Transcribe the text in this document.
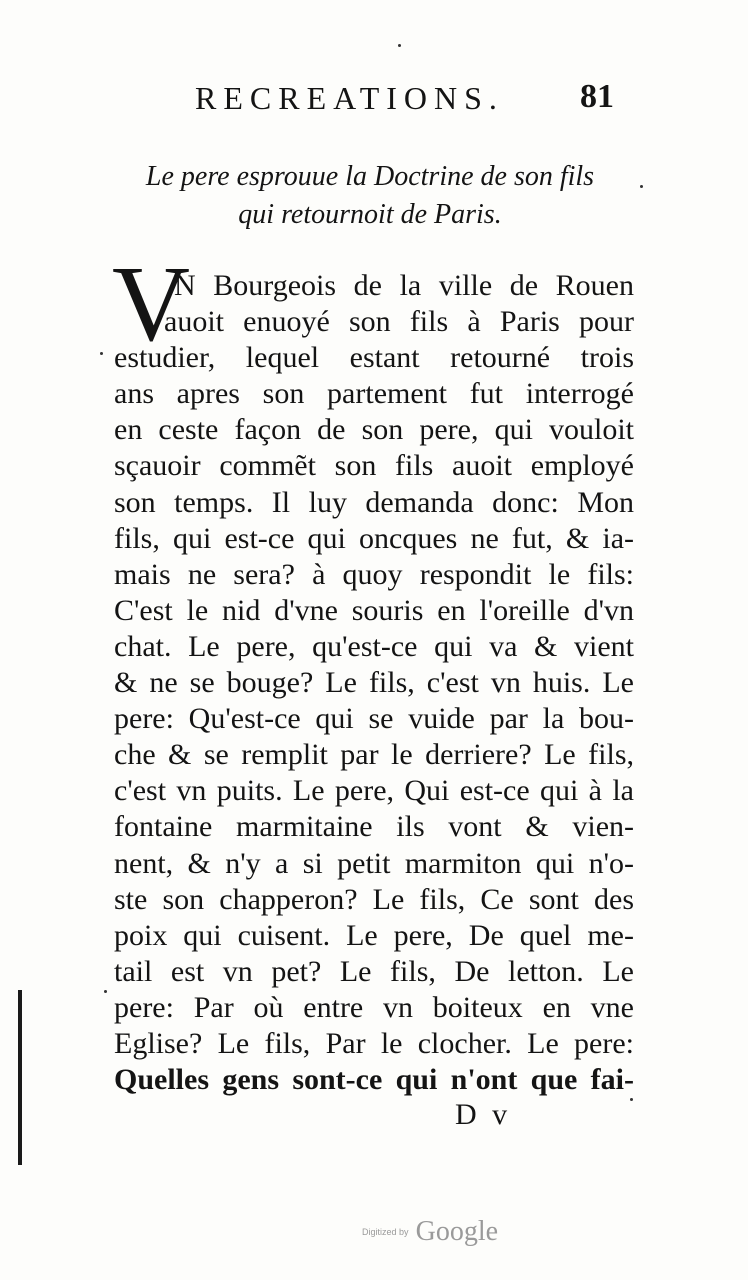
RECREATIONS. 81
Le pere esprouue la Doctrine de son fils
qui retournoit de Paris.
V
N Bourgeois de la ville de Rouen
auoit enuoyé son fils à Paris pour
estudier, lequel estant retourné trois
ans apres son partement fut interrogé
en ceste façon de son pere, qui vouloit
sçauoir commẽt son fils auoit employé
son temps. Il luy demanda donc: Mon
fils, qui est-ce qui oncques ne fut, & ia-
mais ne sera? à quoy respondit le fils:
C'est le nid d'vne souris en l'oreille d'vn
chat. Le pere, qu'est-ce qui va & vient
& ne se bouge? Le fils, c'est vn huis. Le
pere: Qu'est-ce qui se vuide par la bou-
che & se remplit par le derriere? Le fils,
c'est vn puits. Le pere, Qui est-ce qui à la
fontaine marmitaine ils vont & vien-
nent, & n'y a si petit marmiton qui n'o-
ste son chapperon? Le fils, Ce sont des
poix qui cuisent. Le pere, De quel me-
tail est vn pet? Le fils, De letton. Le
pere: Par où entre vn boiteux en vne
Eglise? Le fils, Par le clocher. Le pere:
Quelles gens sont-ce qui n'ont que fai-
D v
Digitized by Google
